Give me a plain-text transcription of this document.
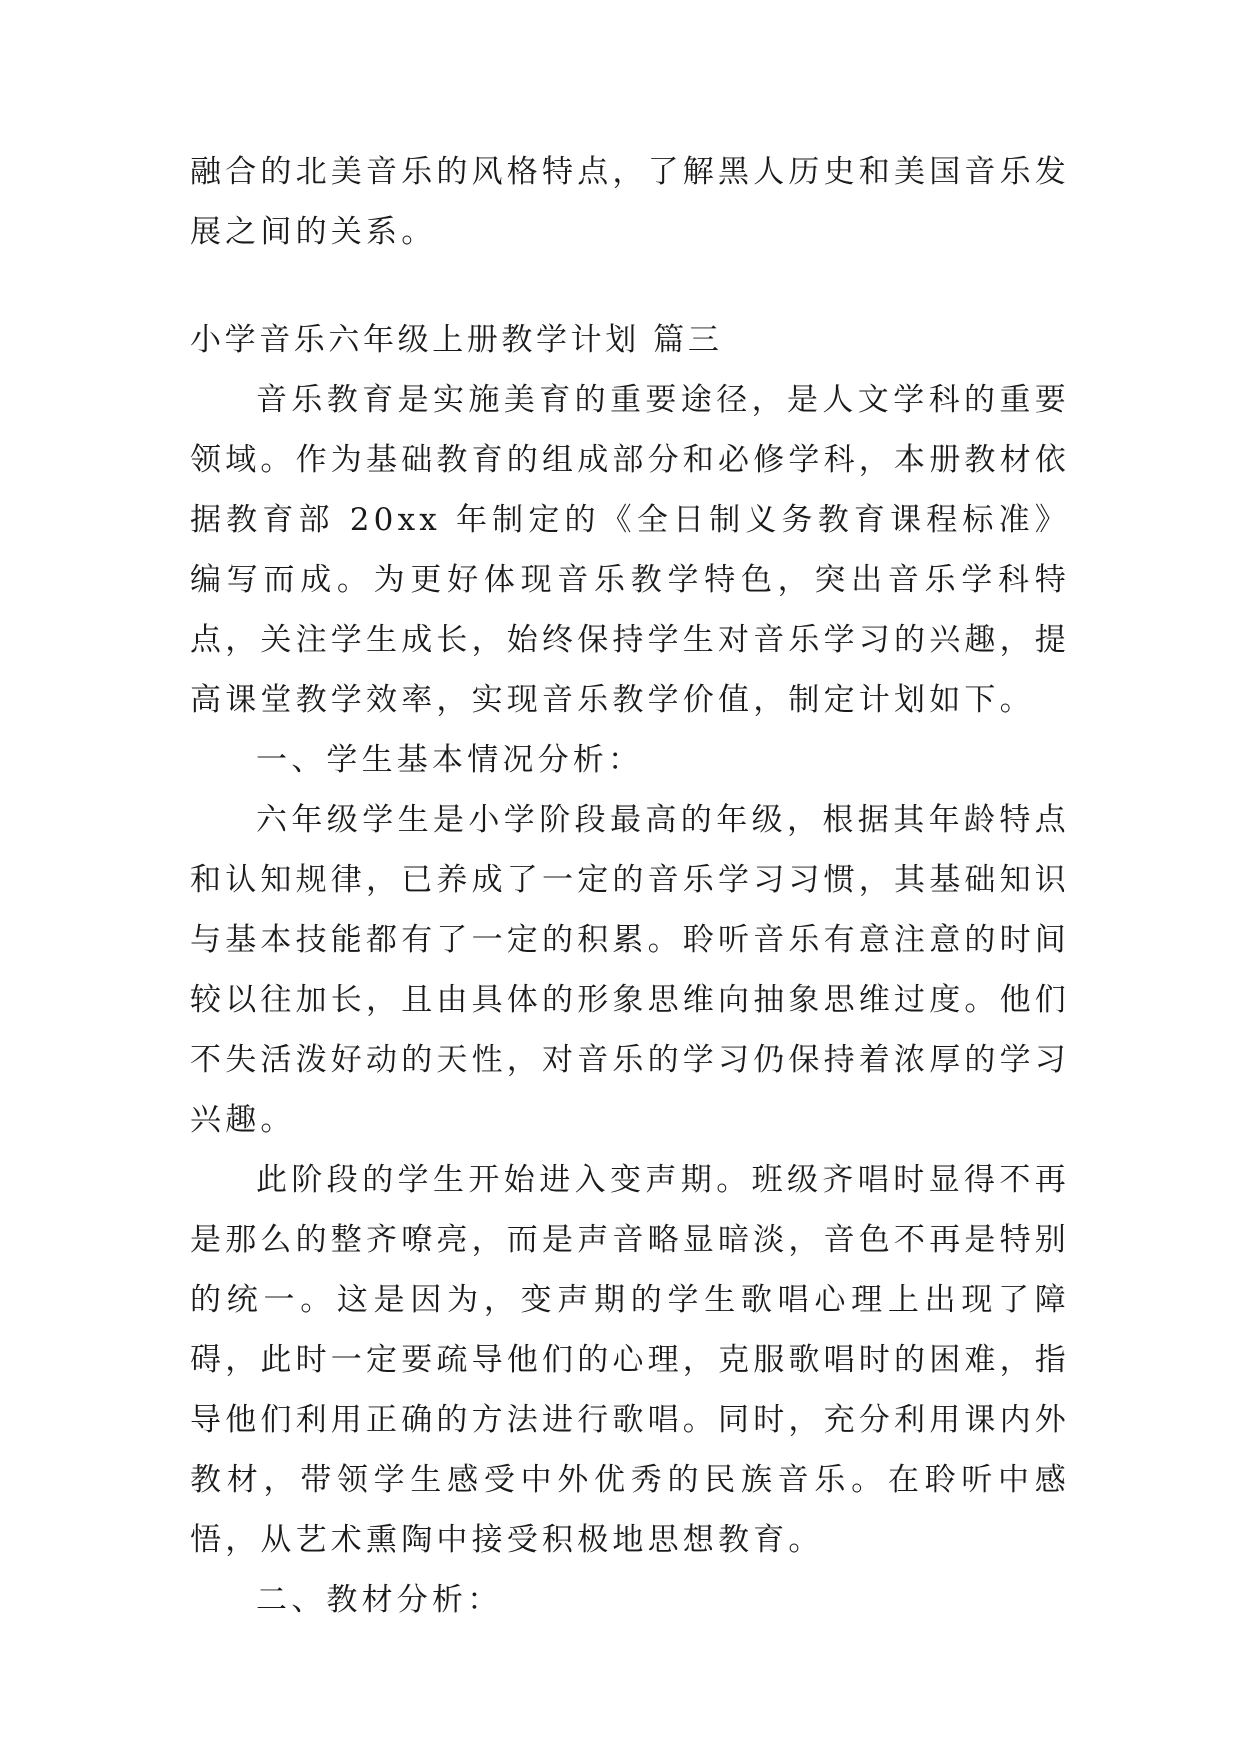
融合的北美音乐的风格特点，了解黑人历史和美国音乐发展之间的关系。

小学音乐六年级上册教学计划 篇三

音乐教育是实施美育的重要途径，是人文学科的重要领域。作为基础教育的组成部分和必修学科，本册教材依据教育部 20xx 年制定的《全日制义务教育课程标准》编写而成。为更好体现音乐教学特色，突出音乐学科特点，关注学生成长，始终保持学生对音乐学习的兴趣，提高课堂教学效率，实现音乐教学价值，制定计划如下。

一、学生基本情况分析：

六年级学生是小学阶段最高的年级，根据其年龄特点和认知规律，已养成了一定的音乐学习习惯，其基础知识与基本技能都有了一定的积累。聆听音乐有意注意的时间较以往加长，且由具体的形象思维向抽象思维过度。他们不失活泼好动的天性，对音乐的学习仍保持着浓厚的学习兴趣。

此阶段的学生开始进入变声期。班级齐唱时显得不再是那么的整齐嘹亮，而是声音略显暗淡，音色不再是特别的统一。这是因为，变声期的学生歌唱心理上出现了障碍，此时一定要疏导他们的心理，克服歌唱时的困难，指导他们利用正确的方法进行歌唱。同时，充分利用课内外教材，带领学生感受中外优秀的民族音乐。在聆听中感悟，从艺术熏陶中接受积极地思想教育。

二、教材分析：
